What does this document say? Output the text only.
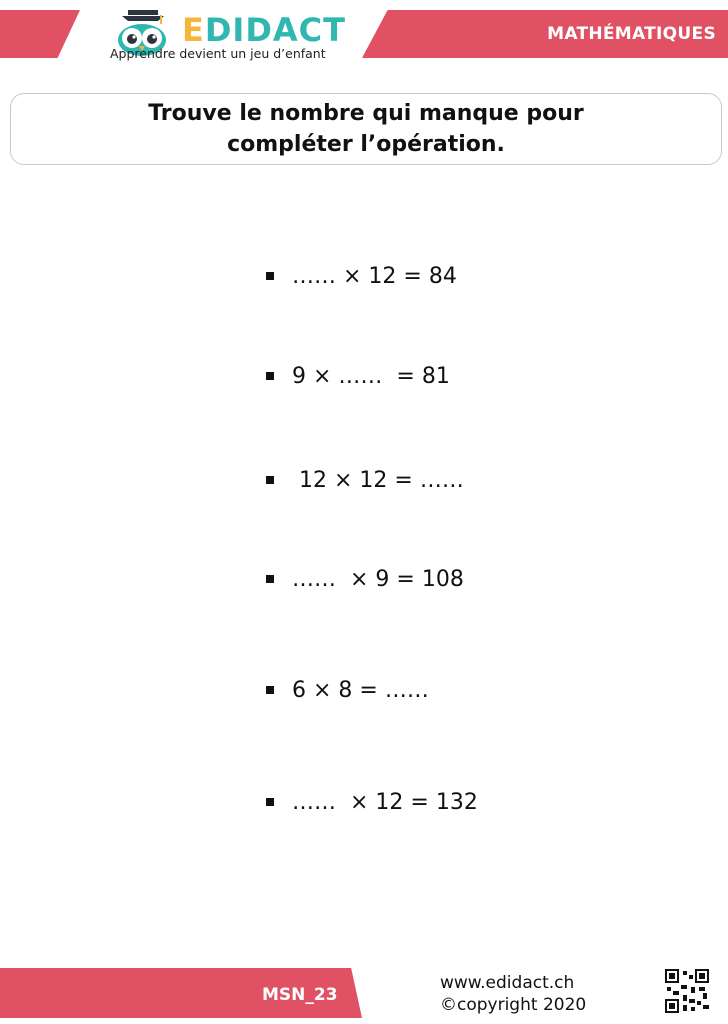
MATHÉMATIQUES
EDIDACT
Apprendre devient un jeu d’enfant
Trouve le nombre qui manque pour compléter l’opération.
…… × 12 = 84
9 × ……  = 81
12 × 12 = ……
……  × 9 = 108
6 × 8 = ……
……  × 12 = 132
MSN_23
www.edidact.ch
©copyright 2020
